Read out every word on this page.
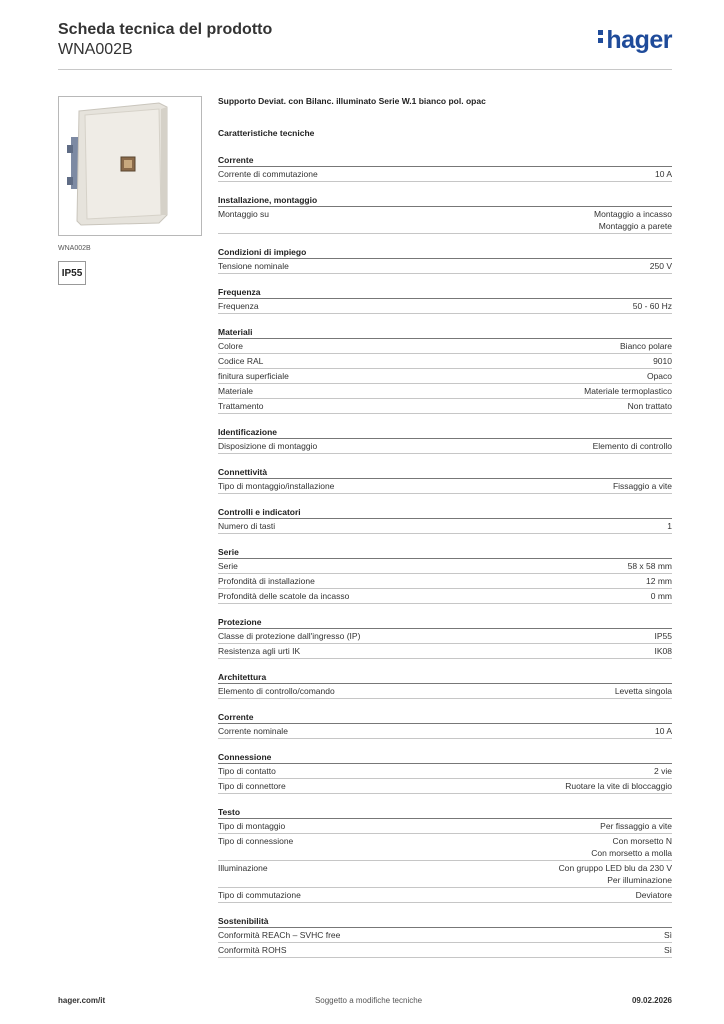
Scheda tecnica del prodotto
WNA002B	hager
WNA002B
IP55
Supporto Deviat. con Bilanc. illuminato Serie W.1 bianco pol. opac
Caratteristiche tecniche
Corrente
Corrente di commutazione	10 A
Installazione, montaggio
Montaggio su	Montaggio a incasso
Montaggio a parete
Condizioni di impiego
Tensione nominale	250 V
Frequenza
Frequenza	50 - 60 Hz
Materiali
Colore	Bianco polare
Codice RAL	9010
finitura superficiale	Opaco
Materiale	Materiale termoplastico
Trattamento	Non trattato
Identificazione
Disposizione di montaggio	Elemento di controllo
Connettività
Tipo di montaggio/installazione	Fissaggio a vite
Controlli e indicatori
Numero di tasti	1
Serie
Serie	58 x 58 mm
Profondità di installazione	12 mm
Profondità delle scatole da incasso	0 mm
Protezione
Classe di protezione dall'ingresso (IP)	IP55
Resistenza agli urti IK	IK08
Architettura
Elemento di controllo/comando	Levetta singola
Corrente
Corrente nominale	10 A
Connessione
Tipo di contatto	2 vie
Tipo di connettore	Ruotare la vite di bloccaggio
Testo
Tipo di montaggio	Per fissaggio a vite
Tipo di connessione	Con morsetto N
Con morsetto a molla
Illuminazione	Con gruppo LED blu da 230 V
Per illuminazione
Tipo di commutazione	Deviatore
Sostenibilità
Conformità REACh – SVHC free	Sì
Conformità ROHS	Sì
hager.com/it	Soggetto a modifiche tecniche	09.02.2026
